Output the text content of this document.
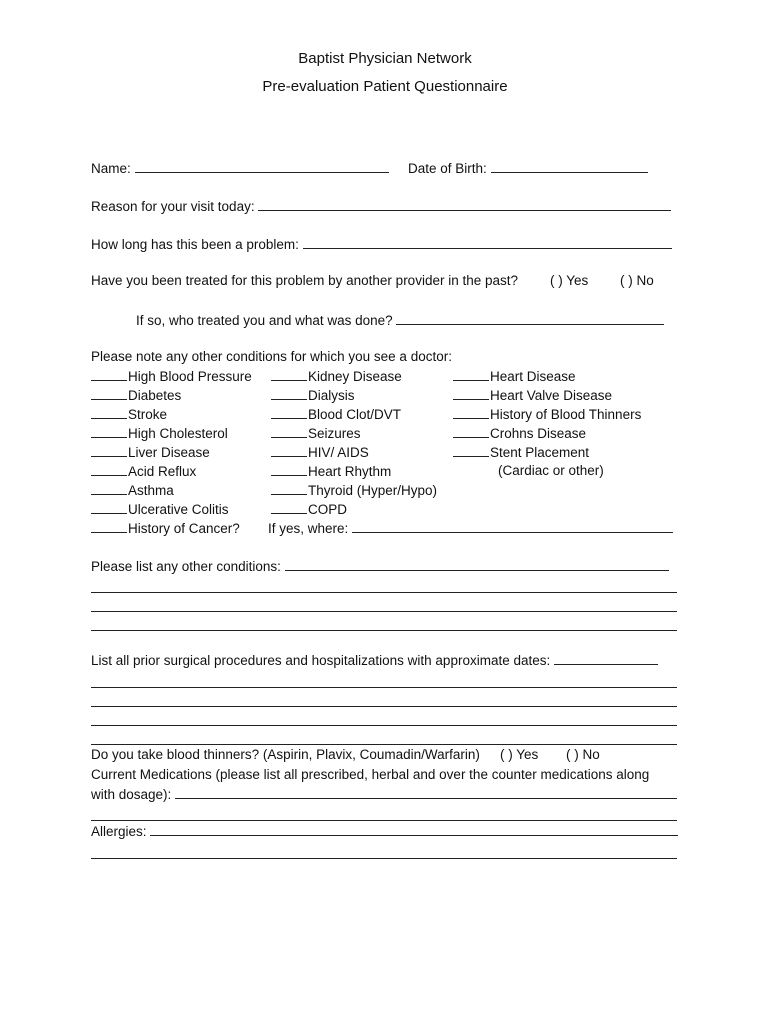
Baptist Physician Network
Pre-evaluation Patient Questionnaire
Name:	Date of Birth:
Reason for your visit today:
How long has this been a problem:
Have you been treated for this problem by another provider in the past? ( ) Yes ( ) No
If so, who treated you and what was done?
Please note any other conditions for which you see a doctor:
High Blood Pressure
Diabetes
Stroke
High Cholesterol
Liver Disease
Acid Reflux
Asthma
Ulcerative Colitis
History of Cancer?
Kidney Disease
Dialysis
Blood Clot/DVT
Seizures
HIV/ AIDS
Heart Rhythm
Thyroid (Hyper/Hypo)
COPD
If yes, where:
Heart Disease
Heart Valve Disease
History of Blood Thinners
Crohns Disease
Stent Placement
(Cardiac or other)
Please list any other conditions:
List all prior surgical procedures and hospitalizations with approximate dates:
Do you take blood thinners? (Aspirin, Plavix, Coumadin/Warfarin) ( ) Yes ( ) No
Current Medications (please list all prescribed, herbal and over the counter medications along
with dosage):
Allergies:
